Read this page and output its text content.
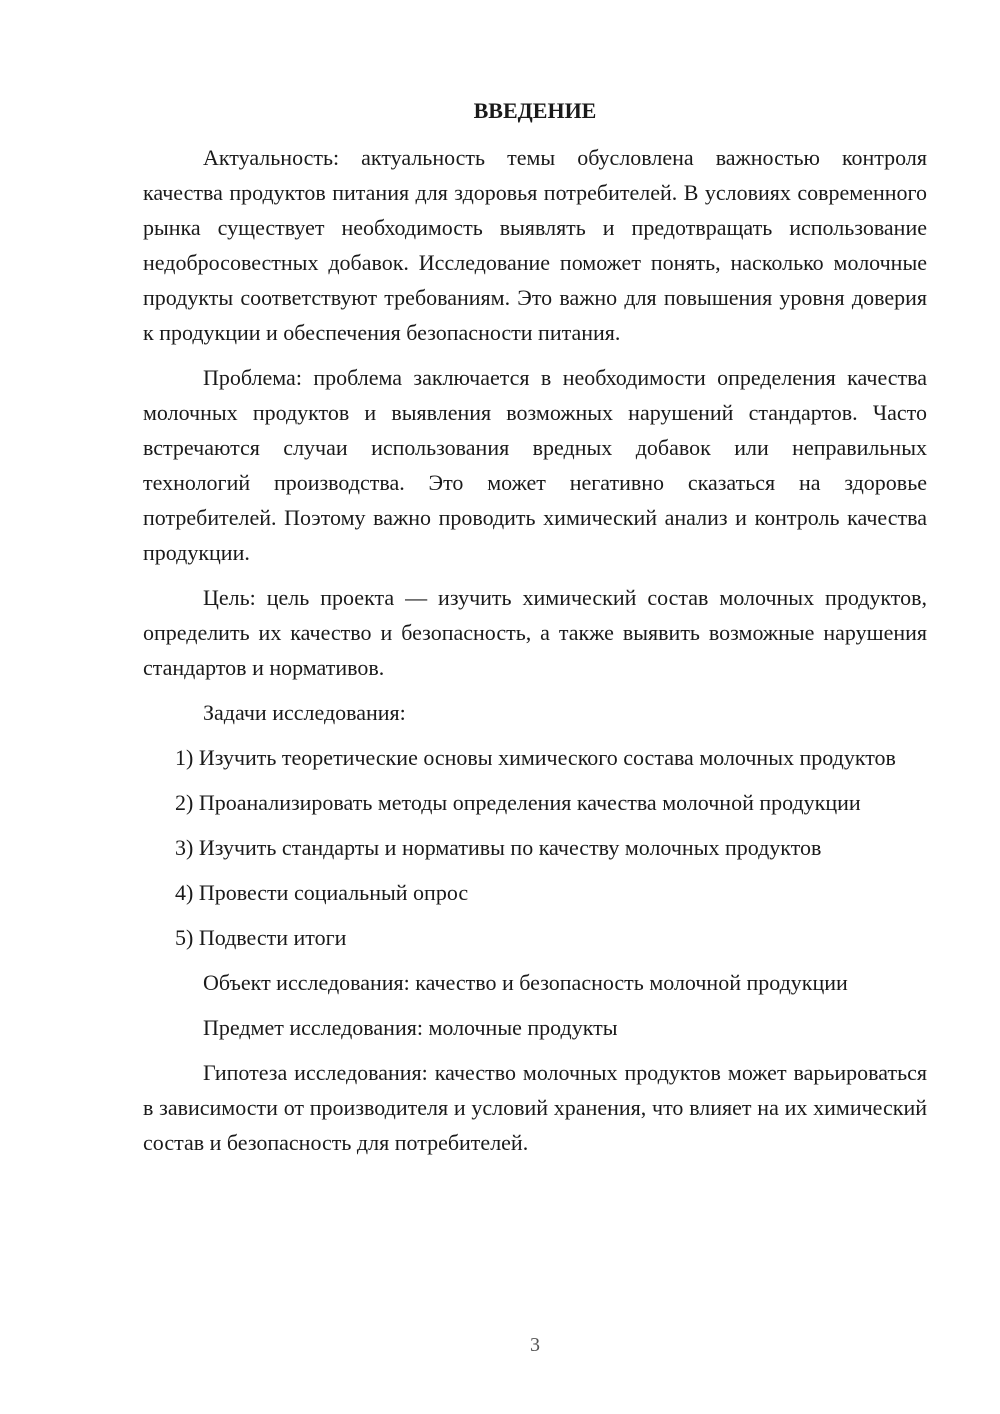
ВВЕДЕНИЕ

Актуальность: актуальность темы обусловлена важностью контроля качества продуктов питания для здоровья потребителей. В условиях современного рынка существует необходимость выявлять и предотвращать использование недобросовестных добавок. Исследование поможет понять, насколько молочные продукты соответствуют требованиям. Это важно для повышения уровня доверия к продукции и обеспечения безопасности питания.

Проблема: проблема заключается в необходимости определения качества молочных продуктов и выявления возможных нарушений стандартов. Часто встречаются случаи использования вредных добавок или неправильных технологий производства. Это может негативно сказаться на здоровье потребителей. Поэтому важно проводить химический анализ и контроль качества продукции.

Цель: цель проекта — изучить химический состав молочных продуктов, определить их качество и безопасность, а также выявить возможные нарушения стандартов и нормативов.

Задачи исследования:

1) Изучить теоретические основы химического состава молочных продуктов

2) Проанализировать методы определения качества молочной продукции

3) Изучить стандарты и нормативы по качеству молочных продуктов

4) Провести социальный опрос

5) Подвести итоги

Объект исследования: качество и безопасность молочной продукции

Предмет исследования: молочные продукты

Гипотеза исследования: качество молочных продуктов может варьироваться в зависимости от производителя и условий хранения, что влияет на их химический состав и безопасность для потребителей.

3
